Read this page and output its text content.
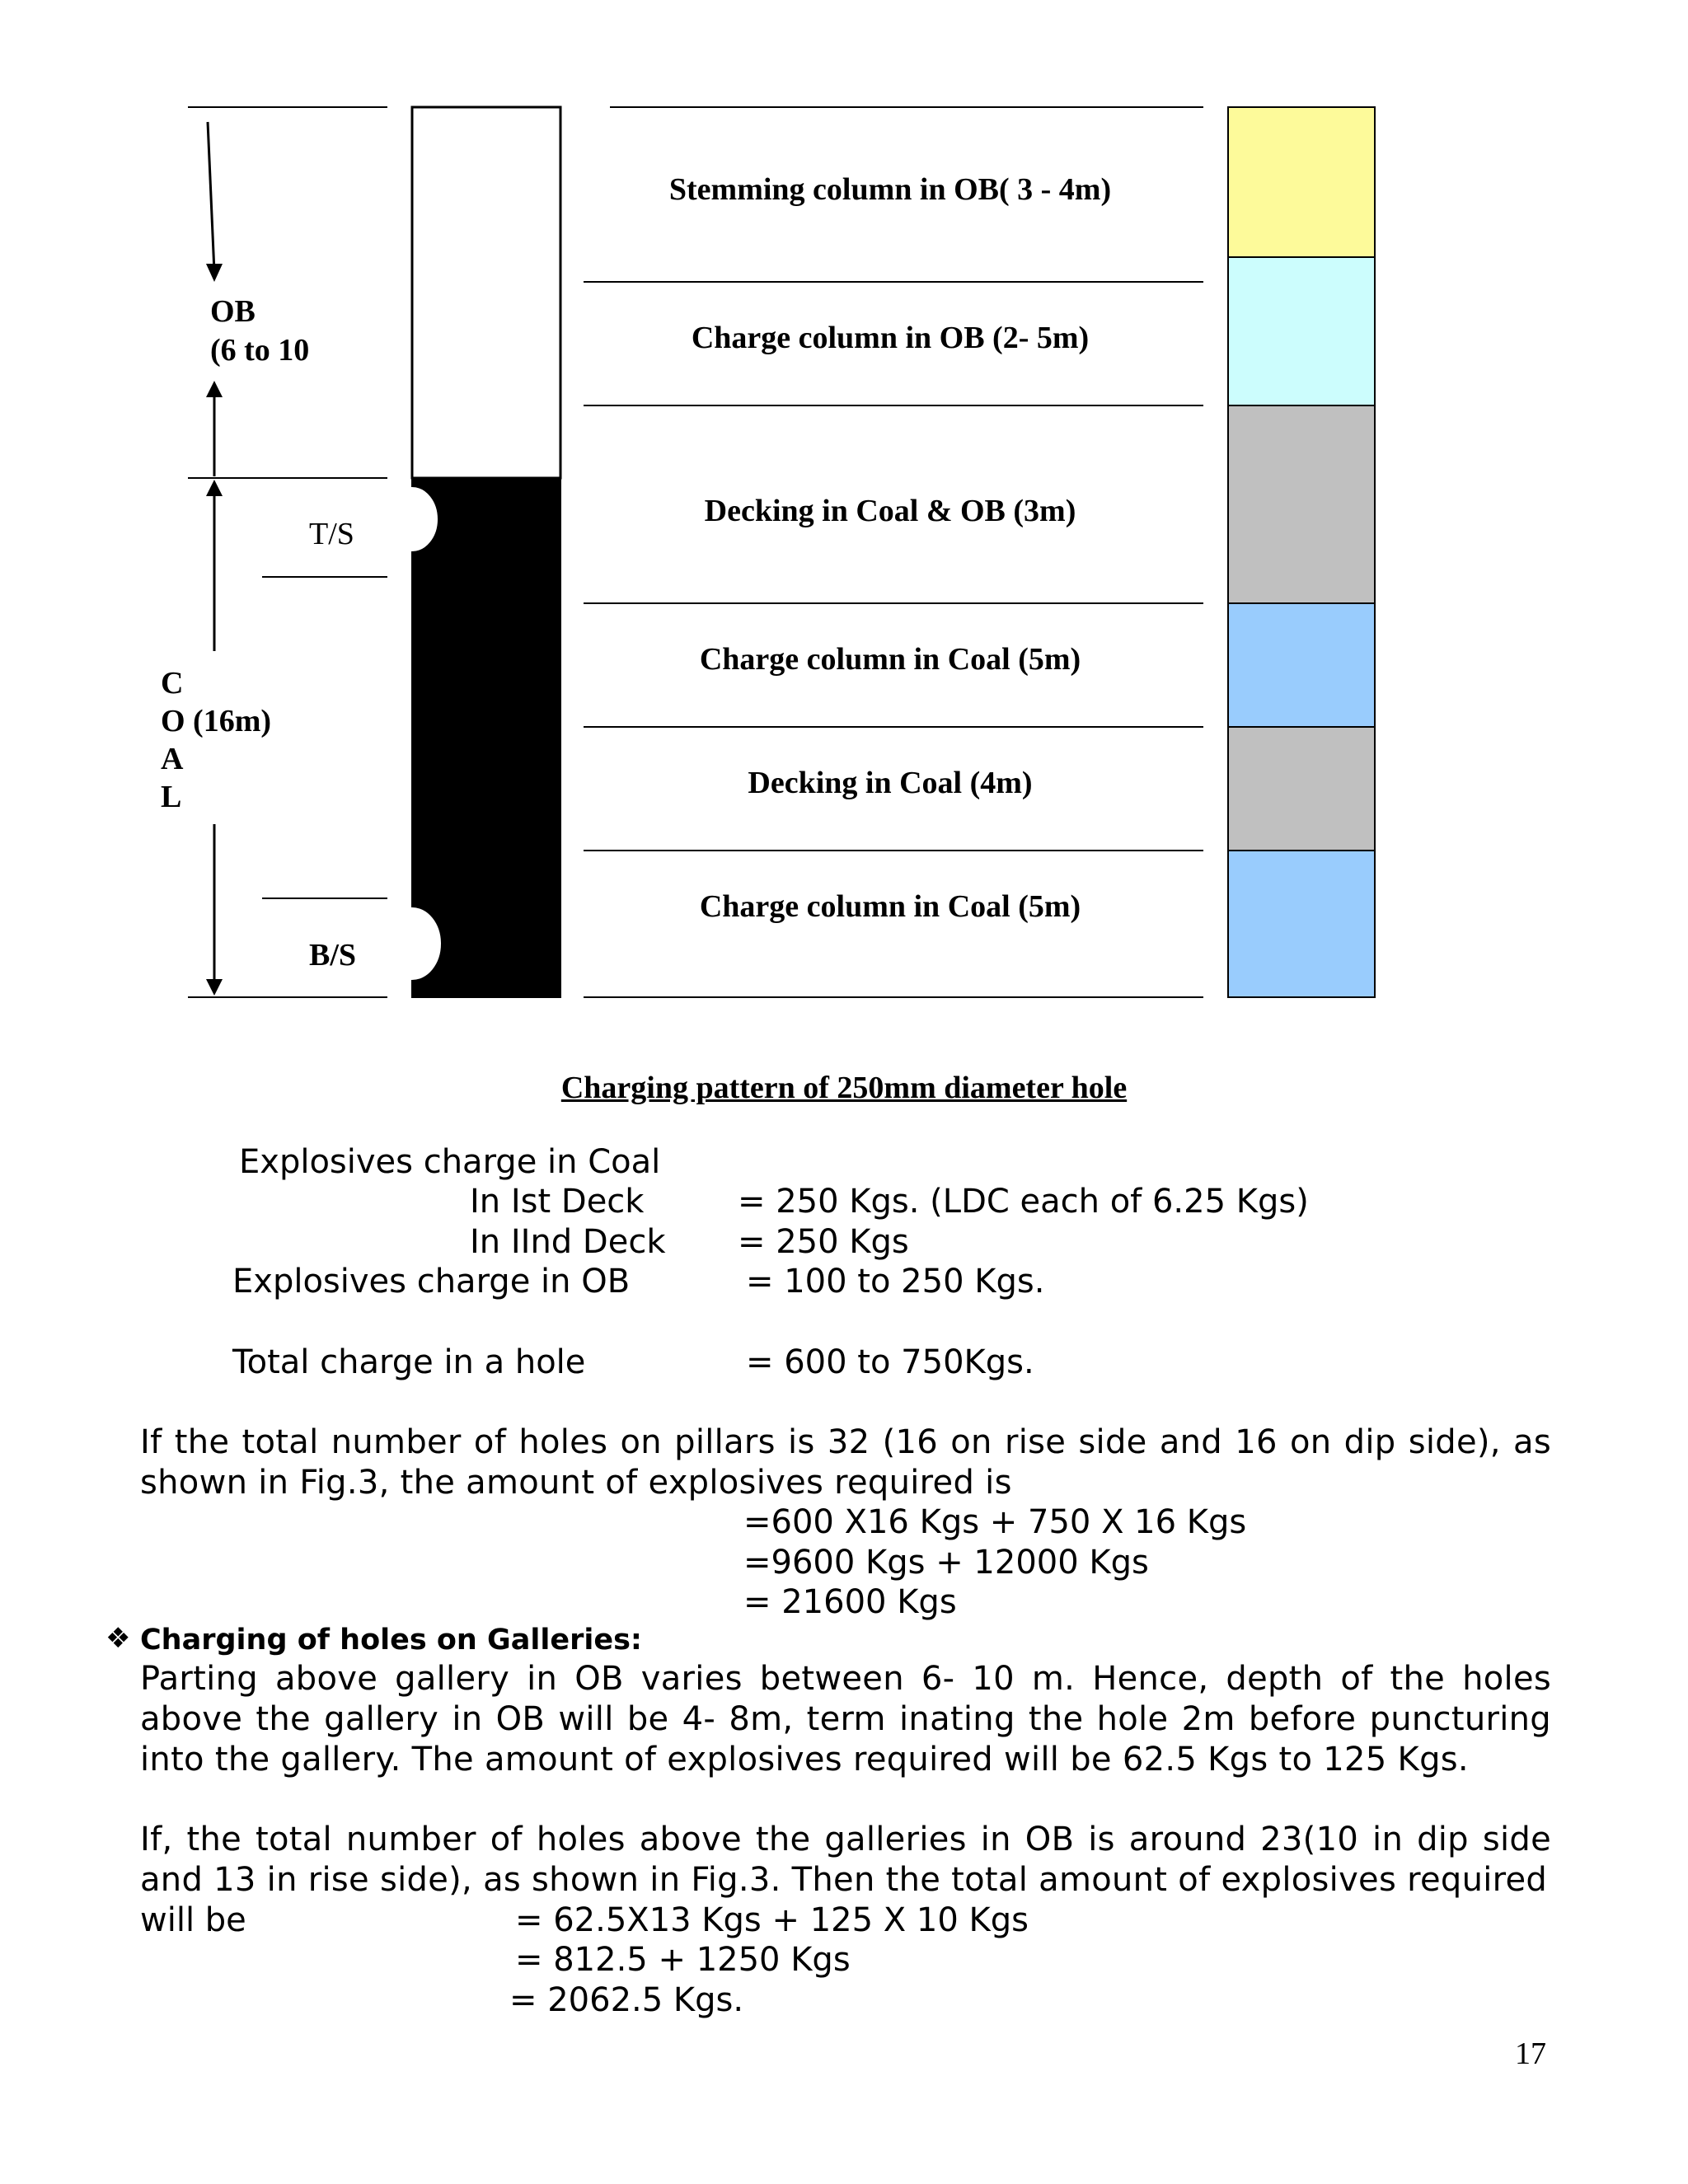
OB
(6 to 10
T/S
B/S
C
O (16m)
A
L
Stemming column in OB( 3 - 4m)
Charge column in OB (2- 5m)
Decking in Coal & OB (3m)
Charge column in Coal (5m)
Decking in Coal (4m)
Charge column in Coal (5m)
Charging pattern of 250mm diameter hole
Explosives charge in Coal
In Ist Deck	= 250 Kgs. (LDC each of 6.25 Kgs)
In IInd Deck = 250 Kgs
Explosives charge in OB	= 100 to 250 Kgs.
Total charge in a hole	= 600 to 750Kgs.
If the total number of holes on pillars is 32 (16 on rise side and 16 on dip side), as shown in Fig.3, the amount of explosives required is
=600 X16 Kgs + 750 X 16 Kgs
=9600 Kgs + 12000 Kgs
= 21600 Kgs
❖ Charging of holes on Galleries:
Parting above gallery in OB varies between 6- 10 m. Hence, depth of the holes above the gallery in OB will be 4- 8m, term inating the hole 2m before puncturing into the gallery. The amount of explosives required will be 62.5 Kgs to 125 Kgs.
If, the total number of holes above the galleries in OB is around 23(10 in dip side and 13 in rise side), as shown in Fig.3. Then the total amount of explosives required
will be	= 62.5X13 Kgs + 125 X 10 Kgs
= 812.5 + 1250 Kgs
= 2062.5 Kgs.
17
